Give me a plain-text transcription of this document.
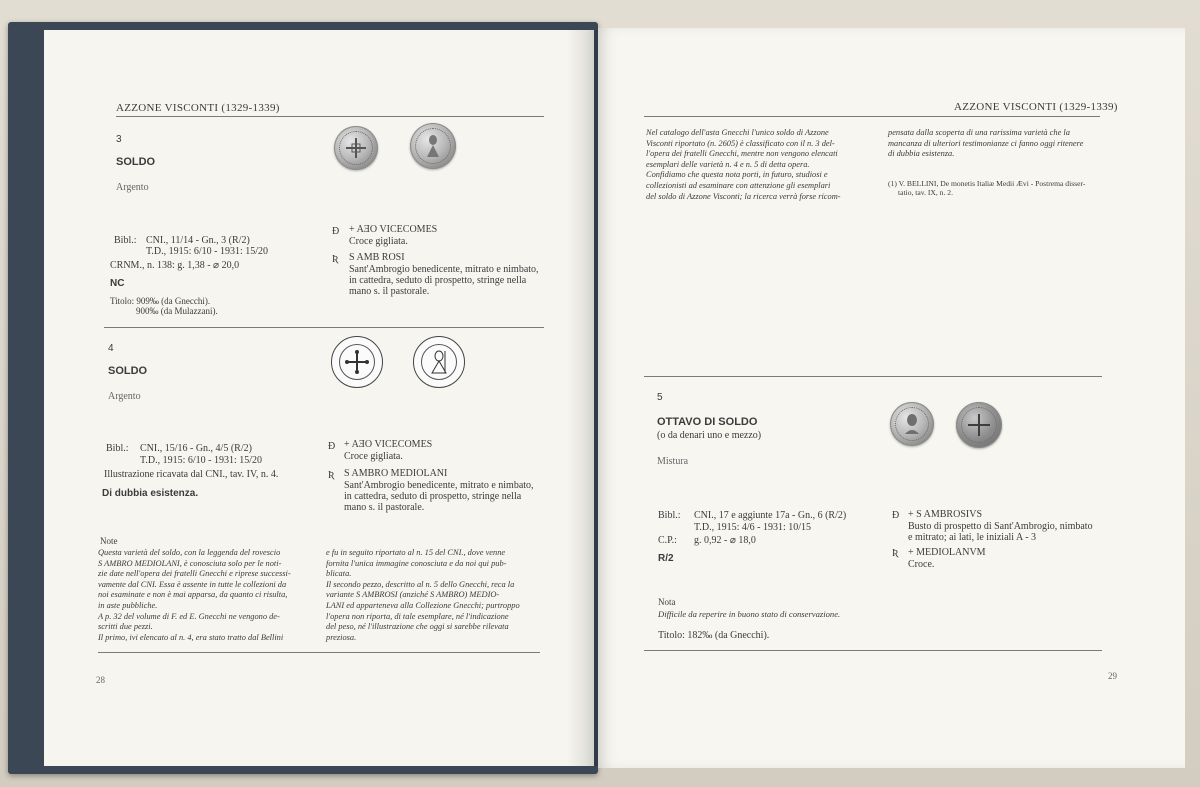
AZZONE VISCONTI (1329-1339)
3
SOLDO
Argento
Bibl.: CNI., 11/14 - Gn., 3 (R/2)
T.D., 1915: 6/10 - 1931: 15/20
CRNM., n. 138: g. 1,38 - ⌀ 20,0
NC
Titolo: 909‰ (da Gnecchi).
900‰ (da Mulazzani).
Ɖ + AƎO VICECOMES
Croce gigliata.
Ʀ S AMB ROSI
Sant'Ambrogio benedicente, mitrato e nimbato,
in cattedra, seduto di prospetto, stringe nella
mano s. il pastorale.
4
SOLDO
Argento
Bibl.: CNI., 15/16 - Gn., 4/5 (R/2)
T.D., 1915: 6/10 - 1931: 15/20
Illustrazione ricavata dal CNI., tav. IV, n. 4.
Di dubbia esistenza.
Ɖ + AƎO VICECOMES
Croce gigliata.
Ʀ S AMBRO MEDIOLANI
Sant'Ambrogio benedicente, mitrato e nimbato,
in cattedra, seduto di prospetto, stringe nella
mano s. il pastorale.
Note
Questa varietà del soldo, con la leggenda del rovescio
S AMBRO MEDIOLANI, è conosciuta solo per le noti-
zie date nell'opera dei fratelli Gnecchi e riprese successi-
vamente dal CNI. Essa è assente in tutte le collezioni da
noi esaminate e non è mai apparsa, da quanto ci risulta,
in aste pubbliche.
A p. 32 del volume di F. ed E. Gnecchi ne vengono de-
scritti due pezzi.
Il primo, ivi elencato al n. 4, era stato tratto dal Bellini
e fu in seguito riportato al n. 15 del CNI., dove venne
fornita l'unica immagine conosciuta e da noi qui pub-
blicata.
Il secondo pezzo, descritto al n. 5 dello Gnecchi, reca la
variante S AMBROSI (anziché S AMBRO) MEDIO-
LANI ed apparteneva alla Collezione Gnecchi; purtroppo
l'opera non riporta, di tale esemplare, né l'indicazione
del peso, né l'illustrazione che oggi si sarebbe rilevata
preziosa.
28
AZZONE VISCONTI (1329-1339)
Nel catalogo dell'asta Gnecchi l'unico soldo di Azzone
Visconti riportato (n. 2605) è classificato con il n. 3 del-
l'opera dei fratelli Gnecchi, mentre non vengono elencati
esemplari delle varietà n. 4 e n. 5 di detta opera.
Confidiamo che questa nota porti, in futuro, studiosi e
collezionisti ad esaminare con attenzione gli esemplari
del soldo di Azzone Visconti; la ricerca verrà forse ricom-
pensata dalla scoperta di una rarissima varietà che la
mancanza di ulteriori testimonianze ci fanno oggi ritenere
di dubbia esistenza.
(1) V. BELLINI, De monetis Italiæ Medii Ævi - Postrema disser-
tatio, tav. IX, n. 2.
5
OTTAVO DI SOLDO
(o da denari uno e mezzo)
Mistura
Bibl.: CNI., 17 e aggiunte 17a - Gn., 6 (R/2)
T.D., 1915: 4/6 - 1931: 10/15
C.P.: g. 0,92 - ⌀ 18,0
R/2
Ɖ + S AMBROSIVS
Busto di prospetto di Sant'Ambrogio, nimbato
e mitrato; ai lati, le iniziali A - 3
Ʀ + MEDIOLANVM
Croce.
Nota
Difficile da reperire in buono stato di conservazione.
Titolo: 182‰ (da Gnecchi).
29
